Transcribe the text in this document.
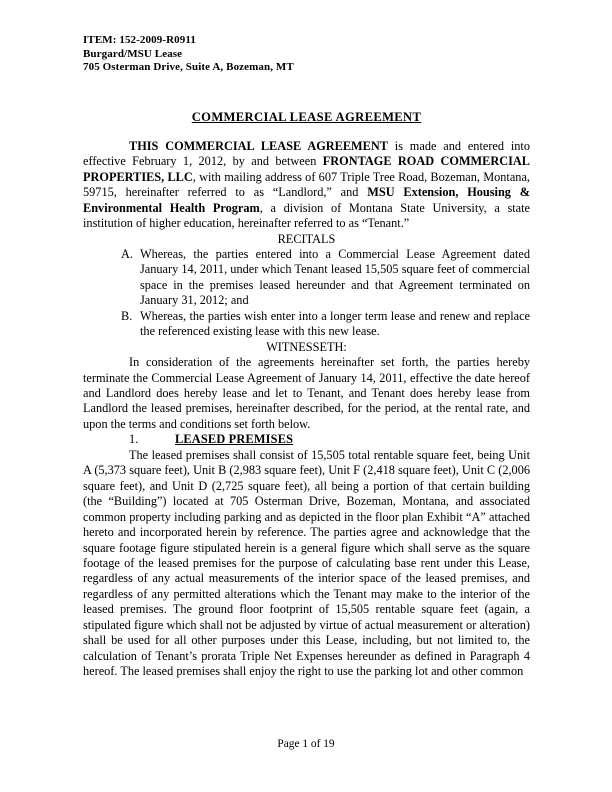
ITEM: 152-2009-R0911
Burgard/MSU Lease
705 Osterman Drive, Suite A, Bozeman, MT
COMMERCIAL LEASE AGREEMENT

THIS COMMERCIAL LEASE AGREEMENT is made and entered into effective February 1, 2012, by and between FRONTAGE ROAD COMMERCIAL PROPERTIES, LLC, with mailing address of 607 Triple Tree Road, Bozeman, Montana, 59715, hereinafter referred to as “Landlord,” and MSU Extension, Housing & Environmental Health Program, a division of Montana State University, a state institution of higher education, hereinafter referred to as “Tenant.”

RECITALS
A. Whereas, the parties entered into a Commercial Lease Agreement dated January 14, 2011, under which Tenant leased 15,505 square feet of commercial space in the premises leased hereunder and that Agreement terminated on January 31, 2012; and
B. Whereas, the parties wish enter into a longer term lease and renew and replace the referenced existing lease with this new lease.
WITNESSETH:

In consideration of the agreements hereinafter set forth, the parties hereby terminate the Commercial Lease Agreement of January 14, 2011, effective the date hereof and Landlord does hereby lease and let to Tenant, and Tenant does hereby lease from Landlord the leased premises, hereinafter described, for the period, at the rental rate, and upon the terms and conditions set forth below.

1.	LEASED PREMISES

The leased premises shall consist of 15,505 total rentable square feet, being Unit A (5,373 square feet), Unit B (2,983 square feet), Unit F (2,418 square feet), Unit C (2,006 square feet), and Unit D (2,725 square feet), all being a portion of that certain building (the “Building”) located at 705 Osterman Drive, Bozeman, Montana, and associated common property including parking and as depicted in the floor plan Exhibit “A” attached hereto and incorporated herein by reference. The parties agree and acknowledge that the square footage figure stipulated herein is a general figure which shall serve as the square footage of the leased premises for the purpose of calculating base rent under this Lease, regardless of any actual measurements of the interior space of the leased premises, and regardless of any permitted alterations which the Tenant may make to the interior of the leased premises. The ground floor footprint of 15,505 rentable square feet (again, a stipulated figure which shall not be adjusted by virtue of actual measurement or alteration) shall be used for all other purposes under this Lease, including, but not limited to, the calculation of Tenant’s prorata Triple Net Expenses hereunder as defined in Paragraph 4 hereof. The leased premises shall enjoy the right to use the parking lot and other common

Page 1 of 19
